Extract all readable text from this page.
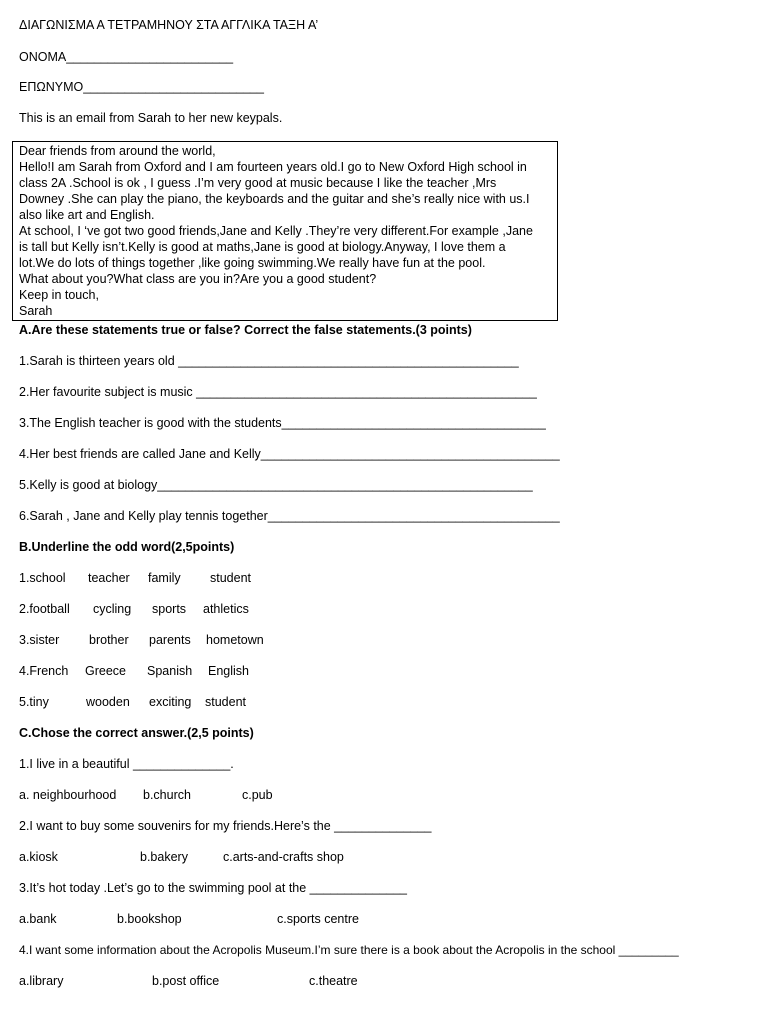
ΔΙΑΓΩΝΙΣΜΑ Α ΤΕΤΡΑΜΗΝΟΥ ΣΤΑ ΑΓΓΛΙΚΑ ΤΑΞΗ Α’
ΟΝΟΜΑ________________________
ΕΠΩΝΥΜΟ__________________________
This is an email from Sarah to her new keypals.
Dear friends from around the world,
Hello!I am Sarah from Oxford and I am fourteen years old.I go to New Oxford High school in
class 2A .School is ok , I guess .I’m very good at music because I like the teacher ,Mrs
Downey .She can play the piano, the keyboards and the guitar and she’s really nice with us.I
also like art and English.
At school, I ‘ve got two good friends,Jane and Kelly .They’re very different.For example ,Jane
is tall but Kelly isn’t.Kelly is good at maths,Jane is good at biology.Anyway, I love them a
lot.We do lots of things together ,like going swimming.We really have fun at the pool.
What about you?What class are you in?Are you a good student?
Keep in touch,
Sarah
A.Are these statements true or false? Correct the false statements.(3 points)
1.Sarah is thirteen years old _________________________________________________
2.Her favourite subject is music _________________________________________________
3.The English teacher is good with the students______________________________________
4.Her best friends are called Jane and Kelly___________________________________________
5.Kelly is good at biology______________________________________________________
6.Sarah , Jane and Kelly play tennis together__________________________________________
B.Underline the odd word(2,5points)
1.school teacher family student
2.football cycling sports athletics
3.sister brother parents hometown
4.French Greece Spanish English
5.tiny	wooden exciting student
C.Chose the correct answer.(2,5 points)
1.I live in a beautiful ______________.
a. neighbourhood b.church	c.pub
2.I want to buy some souvenirs for my friends.Here’s the ______________
a.kiosk	b.bakery	c.arts-and-crafts shop
3.It’s hot today .Let’s go to the swimming pool at the ______________
a.bank	b.bookshop	c.sports centre
4.I want some information about the Acropolis Museum.I’m sure there is a book about the Acropolis in the school _________
a.library	b.post office	c.theatre
